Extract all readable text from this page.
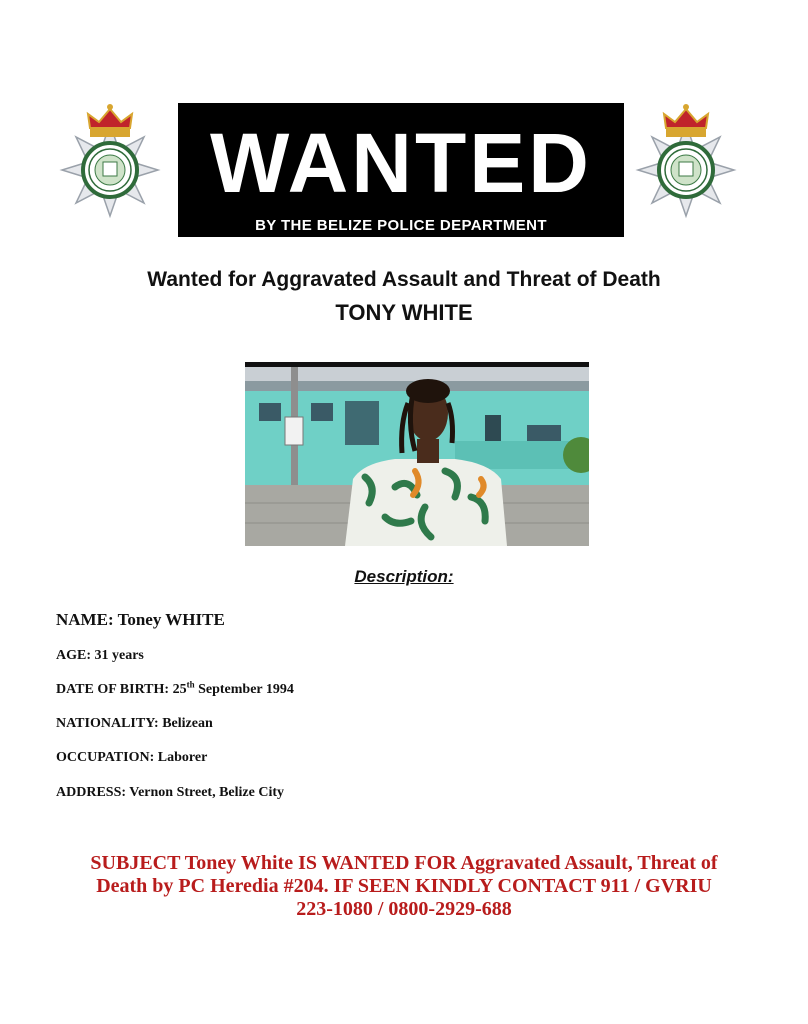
WANTED
BY THE BELIZE POLICE DEPARTMENT
Wanted for Aggravated Assault and Threat of Death
TONY WHITE
Description:
NAME: Toney WHITE
AGE: 31 years
DATE OF BIRTH: 25th September 1994
NATIONALITY: Belizean
OCCUPATION: Laborer
ADDRESS: Vernon Street, Belize City
SUBJECT Toney White IS WANTED FOR Aggravated Assault, Threat of
Death by PC Heredia #204. IF SEEN KINDLY CONTACT 911 / GVRIU
223-1080 / 0800-2929-688
